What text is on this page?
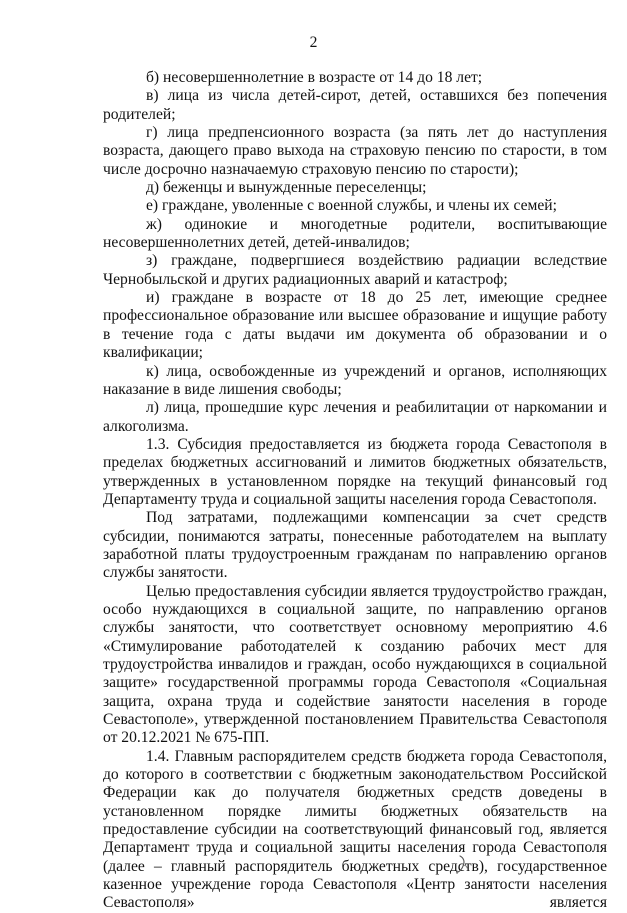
2

б) несовершеннолетние в возрасте от 14 до 18 лет;

в) лица из числа детей-сирот, детей, оставшихся без попечения родителей;

г) лица предпенсионного возраста (за пять лет до наступления возраста, дающего право выхода на страховую пенсию по старости, в том числе досрочно назначаемую страховую пенсию по старости);

д) беженцы и вынужденные переселенцы;

е) граждане, уволенные с военной службы, и члены их семей;

ж) одинокие и многодетные родители, воспитывающие несовершеннолетних детей, детей-инвалидов;

з) граждане, подвергшиеся воздействию радиации вследствие Чернобыльской и других радиационных аварий и катастроф;

и) граждане в возрасте от 18 до 25 лет, имеющие среднее профессиональное образование или высшее образование и ищущие работу в течение года с даты выдачи им документа об образовании и о квалификации;

к) лица, освобожденные из учреждений и органов, исполняющих наказание в виде лишения свободы;

л) лица, прошедшие курс лечения и реабилитации от наркомании и алкоголизма.

1.3. Субсидия предоставляется из бюджета города Севастополя в пределах бюджетных ассигнований и лимитов бюджетных обязательств, утвержденных в установленном порядке на текущий финансовый год Департаменту труда и социальной защиты населения города Севастополя.

Под затратами, подлежащими компенсации за счет средств субсидии, понимаются затраты, понесенные работодателем на выплату заработной платы трудоустроенным гражданам по направлению органов службы занятости.

Целью предоставления субсидии является трудоустройство граждан, особо нуждающихся в социальной защите, по направлению органов службы занятости, что соответствует основному мероприятию 4.6 «Стимулирование работодателей к созданию рабочих мест для трудоустройства инвалидов и граждан, особо нуждающихся в социальной защите» государственной программы города Севастополя «Социальная защита, охрана труда и содействие занятости населения в городе Севастополе», утвержденной постановлением Правительства Севастополя от 20.12.2021 № 675-ПП.

1.4. Главным распорядителем средств бюджета города Севастополя, до которого в соответствии с бюджетным законодательством Российской Федерации как до получателя бюджетных средств доведены в установленном порядке лимиты бюджетных обязательств на предоставление субсидии на соответствующий финансовый год, является Департамент труда и социальной защиты населения города Севастополя (далее – главный распорядитель бюджетных средств), государственное казенное учреждение города Севастополя «Центр занятости населения Севастополя» является
